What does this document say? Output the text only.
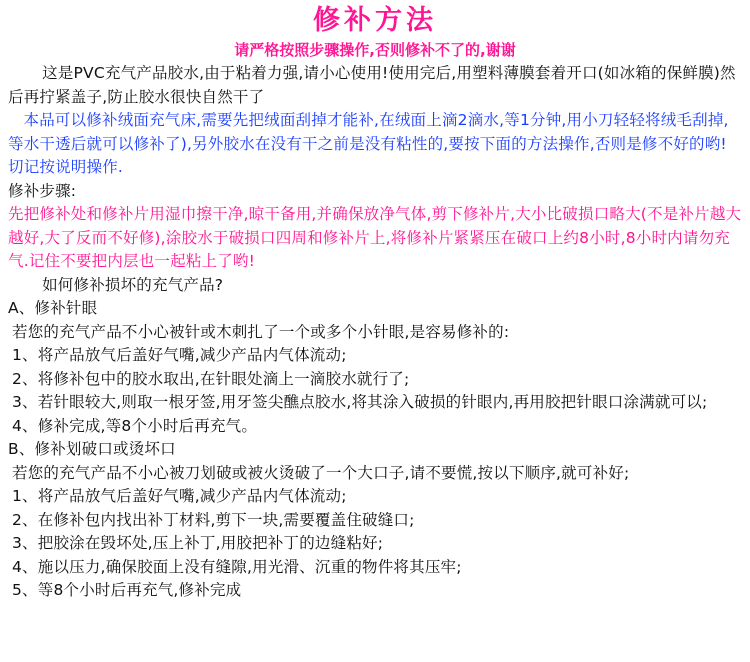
修补方法
请严格按照步骤操作,否则修补不了的,谢谢

这是PVC充气产品胶水,由于粘着力强,请小心使用!使用完后,用塑料薄膜套着开口(如冰箱的保鲜膜)然后再拧紧盖子,防止胶水很快自然干了

本品可以修补绒面充气床,需要先把绒面刮掉才能补,在绒面上滴2滴水,等1分钟,用小刀轻轻将绒毛刮掉,等水干透后就可以修补了),另外胶水在没有干之前是没有粘性的,要按下面的方法操作,否则是修不好的哟!切记按说明操作.

修补步骤:

先把修补处和修补片用湿巾擦干净,晾干备用,并确保放净气体,剪下修补片,大小比破损口略大(不是补片越大越好,大了反而不好修),涂胶水于破损口四周和修补片上,将修补片紧紧压在破口上约8小时,8小时内请勿充气.记住不要把内层也一起粘上了哟!

如何修补损坏的充气产品?

A、修补针眼

若您的充气产品不小心被针或木刺扎了一个或多个小针眼,是容易修补的:

1、将产品放气后盖好气嘴,减少产品内气体流动;

2、将修补包中的胶水取出,在针眼处滴上一滴胶水就行了;

3、若针眼较大,则取一根牙签,用牙签尖醮点胶水,将其涂入破损的针眼内,再用胶把针眼口涂满就可以;

4、修补完成,等8个小时后再充气。

B、修补划破口或烫坏口

若您的充气产品不小心被刀划破或被火烫破了一个大口子,请不要慌,按以下顺序,就可补好;

1、将产品放气后盖好气嘴,减少产品内气体流动;

2、在修补包内找出补丁材料,剪下一块,需要覆盖住破缝口;

3、把胶涂在毁坏处,压上补丁,用胶把补丁的边缝粘好;

4、施以压力,确保胶面上没有缝隙,用光滑、沉重的物件将其压牢;

5、等8个小时后再充气,修补完成
